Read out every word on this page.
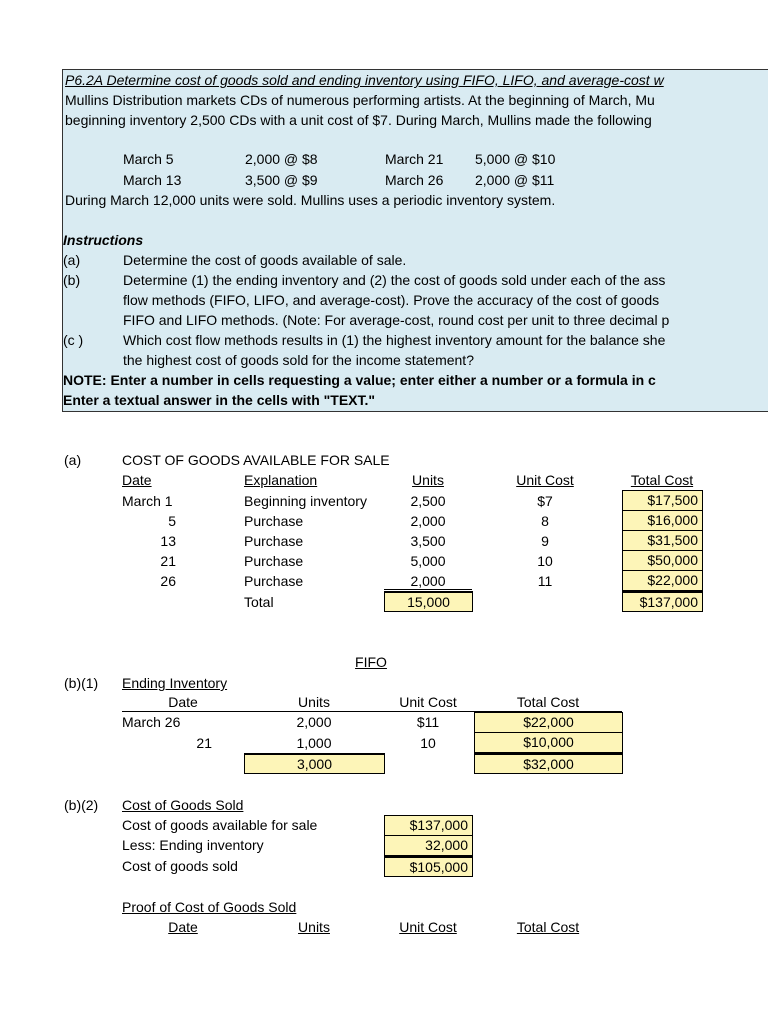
P6.2A Determine cost of goods sold and ending inventory using FIFO, LIFO, and average-cost w
Mullins Distribution markets CDs of numerous performing artists. At the beginning of March, Mu
beginning inventory 2,500 CDs with a unit cost of $7. During March, Mullins made the following
March 5	2,000 @ $8
March 13	3,500 @ $9
March 21 5,000 @ $10
March 26 2,000 @ $11
During March 12,000 units were sold. Mullins uses a periodic inventory system.
Instructions
(a)	Determine the cost of goods available of sale.
(b)	Determine (1) the ending inventory and (2) the cost of goods sold under each of the ass
flow methods (FIFO, LIFO, and average-cost). Prove the accuracy of the cost of goods
FIFO and LIFO methods. (Note: For average-cost, round cost per unit to three decimal p
(c )	Which cost flow methods results in (1) the highest inventory amount for the balance she
the highest cost of goods sold for the income statement?
NOTE: Enter a number in cells requesting a value; enter either a number or a formula in c
Enter a textual answer in the cells with "TEXT."
(a)	COST OF GOODS AVAILABLE FOR SALE
Date	Explanation	Units	Unit Cost	Total Cost
March 1	Beginning inventory	2,500	$7	$17,500
5	Purchase	2,000	8	$16,000
13	Purchase	3,500	9	$31,500
21	Purchase	5,000	10	$50,000
26	Purchase	2,000	11	$22,000
Total	15,000	$137,000
FIFO
(b)(1) Ending Inventory
Date	Units	Unit Cost	Total Cost
March 26	2,000	$11	$22,000
21	1,000	10	$10,000
3,000	$32,000
(b)(2) Cost of Goods Sold
Cost of goods available for sale	$137,000
Less: Ending inventory	32,000
Cost of goods sold	$105,000
Proof of Cost of Goods Sold
Date	Units	Unit Cost	Total Cost
